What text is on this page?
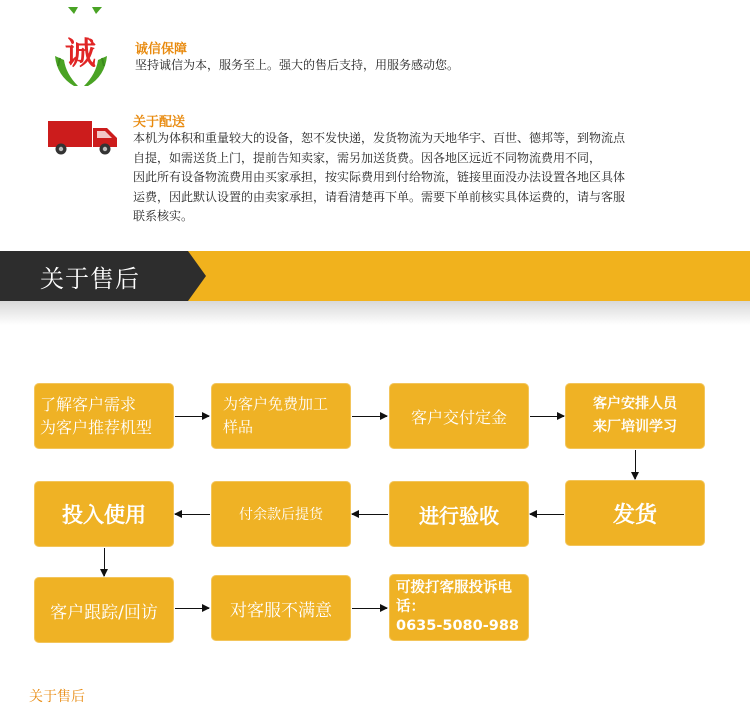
诚	诚信保障
坚持诚信为本，服务至上。强大的售后支持，用服务感动您。
关于配送
本机为体积和重量较大的设备，恕不发快递，发货物流为天地华宇、百世、德邦等，到物流点
自提，如需送货上门，提前告知卖家，需另加送货费。因各地区远近不同物流费用不同，
因此所有设备物流费用由买家承担，按实际费用到付给物流，链接里面没办法设置各地区具体
运费，因此默认设置的由卖家承担，请看清楚再下单。需要下单前核实具体运费的，请与客服
联系核实。
关于售后
了解客户需求
为客户推荐机型
为客户免费加工
样品
客户交付定金
客户安排人员
来厂培训学习
发货
进行验收
付余款后提货
投入使用
客户跟踪/回访	对客服不满意
可拨打客服投诉电
话：
0635-5080-988
关于售后
